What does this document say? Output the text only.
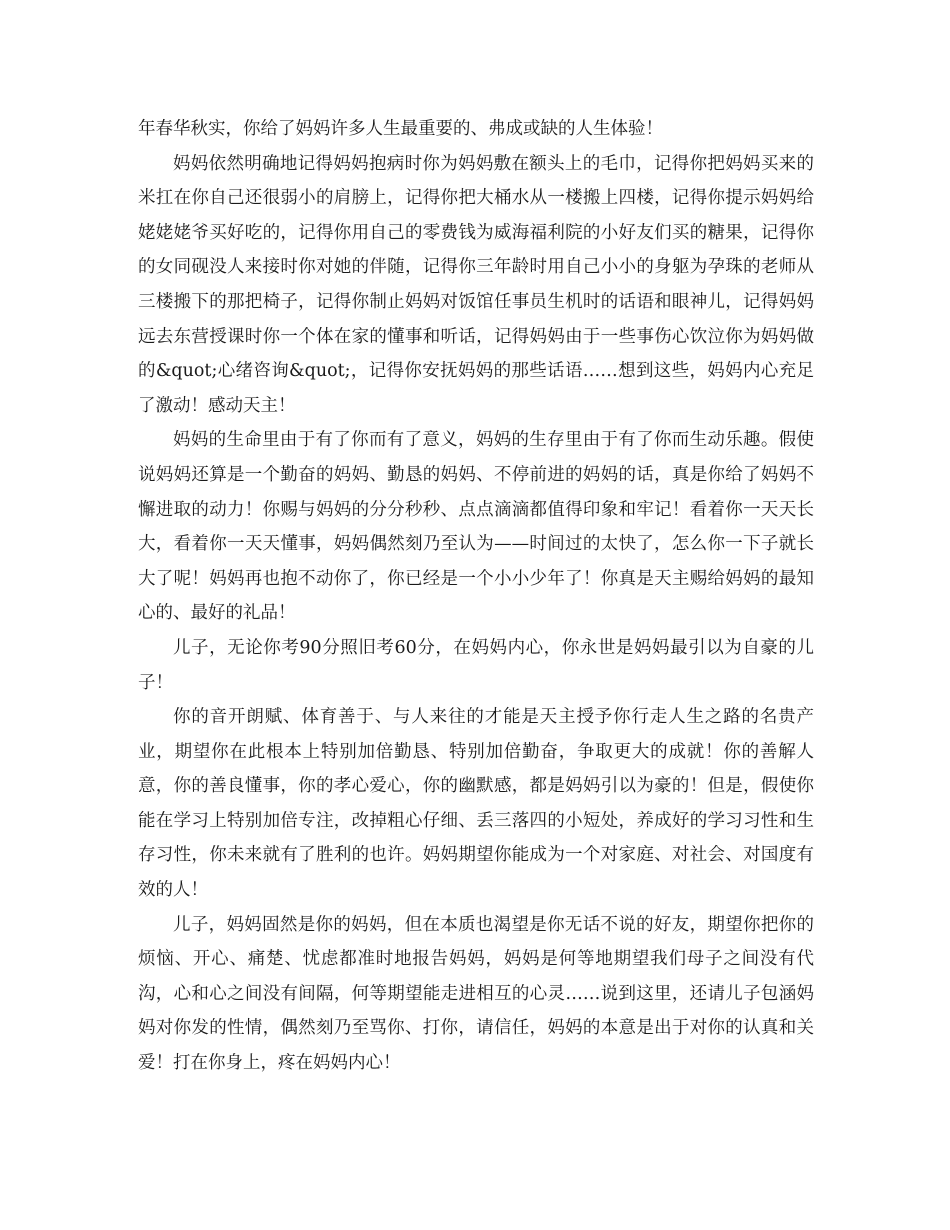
年春华秋实，你给了妈妈许多人生最重要的、弗成或缺的人生体验！

妈妈依然明确地记得妈妈抱病时你为妈妈敷在额头上的毛巾，记得你把妈妈买来的米扛在你自己还很弱小的肩膀上，记得你把大桶水从一楼搬上四楼，记得你提示妈妈给姥姥姥爷买好吃的，记得你用自己的零费钱为威海福利院的小好友们买的糖果，记得你的女同砚没人来接时你对她的伴随，记得你三年龄时用自己小小的身躯为孕珠的老师从三楼搬下的那把椅子，记得你制止妈妈对饭馆任事员生机时的话语和眼神儿，记得妈妈远去东营授课时你一个体在家的懂事和听话，记得妈妈由于一些事伤心饮泣你为妈妈做的&quot;心绪咨询&quot;，记得你安抚妈妈的那些话语……想到这些，妈妈内心充足了激动！感动天主！

妈妈的生命里由于有了你而有了意义，妈妈的生存里由于有了你而生动乐趣。假使说妈妈还算是一个勤奋的妈妈、勤恳的妈妈、不停前进的妈妈的话，真是你给了妈妈不懈进取的动力！你赐与妈妈的分分秒秒、点点滴滴都值得印象和牢记！看着你一天天长大，看着你一天天懂事，妈妈偶然刻乃至认为——时间过的太快了，怎么你一下子就长大了呢！妈妈再也抱不动你了，你已经是一个小小少年了！你真是天主赐给妈妈的最知心的、最好的礼品！

儿子，无论你考90分照旧考60分，在妈妈内心，你永世是妈妈最引以为自豪的儿子！

你的音开朗赋、体育善于、与人来往的才能是天主授予你行走人生之路的名贵产业，期望你在此根本上特别加倍勤恳、特别加倍勤奋，争取更大的成就！你的善解人意，你的善良懂事，你的孝心爱心，你的幽默感，都是妈妈引以为豪的！但是，假使你能在学习上特别加倍专注，改掉粗心仔细、丢三落四的小短处，养成好的学习习性和生存习性，你未来就有了胜利的也许。妈妈期望你能成为一个对家庭、对社会、对国度有效的人！

儿子，妈妈固然是你的妈妈，但在本质也渴望是你无话不说的好友，期望你把你的烦恼、开心、痛楚、忧虑都准时地报告妈妈，妈妈是何等地期望我们母子之间没有代沟，心和心之间没有间隔，何等期望能走进相互的心灵……说到这里，还请儿子包涵妈妈对你发的性情，偶然刻乃至骂你、打你，请信任，妈妈的本意是出于对你的认真和关爱！打在你身上，疼在妈妈内心！
